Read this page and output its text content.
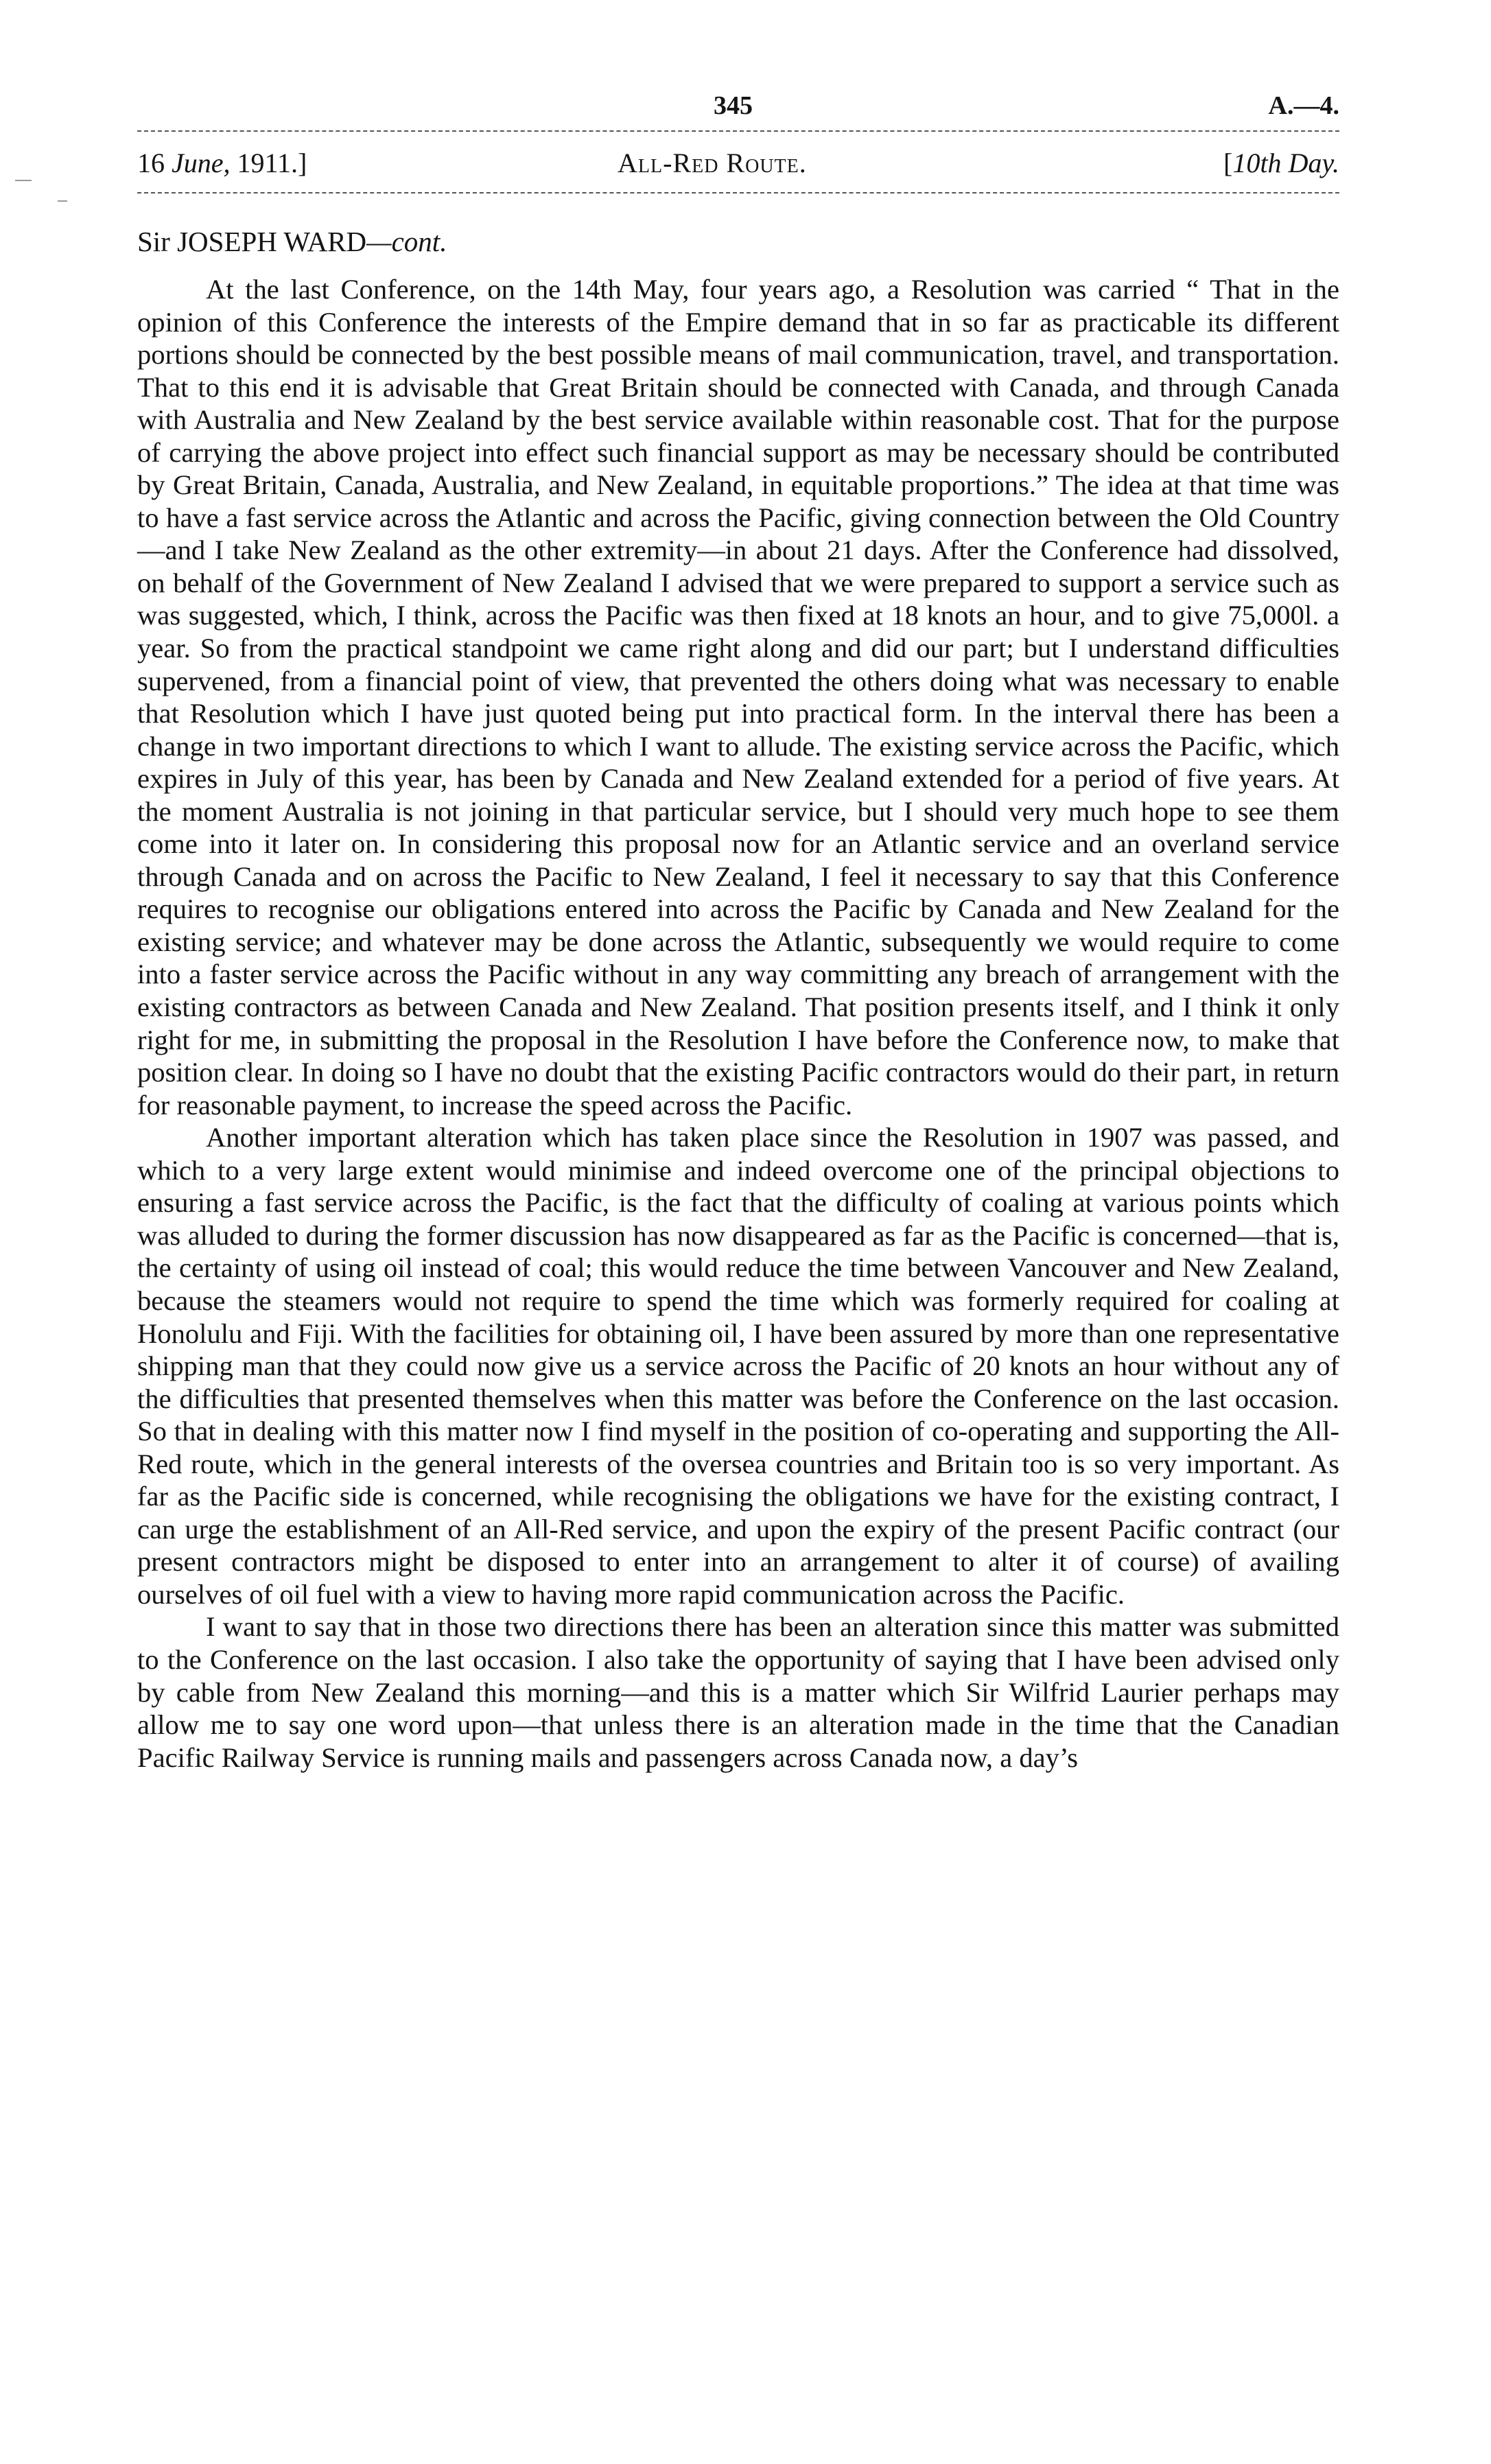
345	A.—4.
16 June, 1911.]	All-Red Route.	[10th Day.
Sir JOSEPH WARD—cont.

At the last Conference, on the 14th May, four years ago, a Resolution was carried “ That in the opinion of this Conference the interests of the Empire demand that in so far as practicable its different portions should be connected by the best possible means of mail communication, travel, and transportation. That to this end it is advisable that Great Britain should be connected with Canada, and through Canada with Australia and New Zealand by the best service available within reasonable cost. That for the purpose of carrying the above project into effect such financial support as may be necessary should be contributed by Great Britain, Canada, Australia, and New Zealand, in equitable proportions.” The idea at that time was to have a fast service across the Atlantic and across the Pacific, giving connection between the Old Country—and I take New Zealand as the other extremity—in about 21 days. After the Conference had dissolved, on behalf of the Government of New Zealand I advised that we were prepared to support a service such as was suggested, which, I think, across the Pacific was then fixed at 18 knots an hour, and to give 75,000l. a year. So from the practical standpoint we came right along and did our part; but I understand difficulties supervened, from a financial point of view, that prevented the others doing what was necessary to enable that Resolution which I have just quoted being put into practical form. In the interval there has been a change in two important directions to which I want to allude. The existing service across the Pacific, which expires in July of this year, has been by Canada and New Zealand extended for a period of five years. At the moment Australia is not joining in that particular service, but I should very much hope to see them come into it later on. In considering this proposal now for an Atlantic service and an overland service through Canada and on across the Pacific to New Zealand, I feel it necessary to say that this Conference requires to recognise our obligations entered into across the Pacific by Canada and New Zealand for the existing service; and whatever may be done across the Atlantic, subsequently we would require to come into a faster service across the Pacific without in any way committing any breach of arrangement with the existing contractors as between Canada and New Zealand. That position presents itself, and I think it only right for me, in submitting the proposal in the Resolution I have before the Conference now, to make that position clear. In doing so I have no doubt that the existing Pacific contractors would do their part, in return for reasonable payment, to increase the speed across the Pacific.

Another important alteration which has taken place since the Resolution in 1907 was passed, and which to a very large extent would minimise and indeed overcome one of the principal objections to ensuring a fast service across the Pacific, is the fact that the difficulty of coaling at various points which was alluded to during the former discussion has now disappeared as far as the Pacific is concerned—that is, the certainty of using oil instead of coal; this would reduce the time between Vancouver and New Zealand, because the steamers would not require to spend the time which was formerly required for coaling at Honolulu and Fiji. With the facilities for obtaining oil, I have been assured by more than one representative shipping man that they could now give us a service across the Pacific of 20 knots an hour without any of the difficulties that presented themselves when this matter was before the Conference on the last occasion. So that in dealing with this matter now I find myself in the position of co-operating and supporting the All-Red route, which in the general interests of the oversea countries and Britain too is so very important. As far as the Pacific side is concerned, while recognising the obligations we have for the existing contract, I can urge the establishment of an All-Red service, and upon the expiry of the present Pacific contract (our present contractors might be disposed to enter into an arrangement to alter it of course) of availing ourselves of oil fuel with a view to having more rapid communication across the Pacific.

I want to say that in those two directions there has been an alteration since this matter was submitted to the Conference on the last occasion. I also take the opportunity of saying that I have been advised only by cable from New Zealand this morning—and this is a matter which Sir Wilfrid Laurier perhaps may allow me to say one word upon—that unless there is an alteration made in the time that the Canadian Pacific Railway Service is running mails and passengers across Canada now, a day’s
